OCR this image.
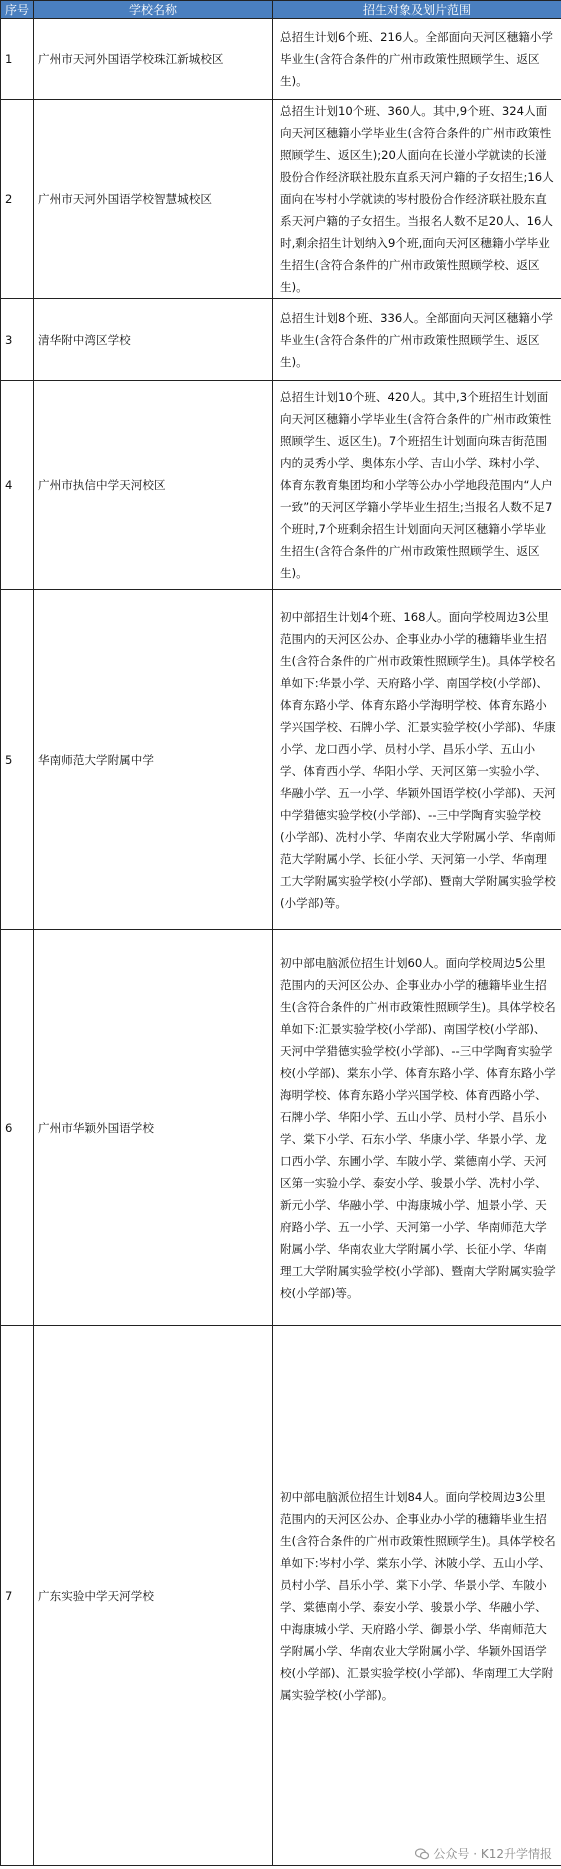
序号	学校名称	招生对象及划片范围
1	广州市天河外国语学校珠江新城校区	总招生计划6个班、216人。全部面向天河区穗籍小学毕业生(含符合条件的广州市政策性照顾学生、返区生)。
2	广州市天河外国语学校智慧城校区	总招生计划10个班、360人。其中,9个班、324人面向天河区穗籍小学毕业生(含符合条件的广州市政策性照顾学生、返区生);20人面向在长湴小学就读的长湴股份合作经济联社股东直系天河户籍的子女招生;16人面向在岑村小学就读的岑村股份合作经济联社股东直系天河户籍的子女招生。当报名人数不足20人、16人时,剩余招生计划纳入9个班,面向天河区穗籍小学毕业生招生(含符合条件的广州市政策性照顾学校、返区生)。
3	清华附中湾区学校	总招生计划8个班、336人。全部面向天河区穗籍小学毕业生(含符合条件的广州市政策性照顾学生、返区生)。
4	广州市执信中学天河校区	总招生计划10个班、420人。其中,3个班招生计划面向天河区穗籍小学毕业生(含符合条件的广州市政策性照顾学生、返区生)。7个班招生计划面向珠吉街范围内的灵秀小学、奥体东小学、吉山小学、珠村小学、体育东教育集团均和小学等公办小学地段范围内“人户一致”的天河区学籍小学毕业生招生;当报名人数不足7个班时,7个班剩余招生计划面向天河区穗籍小学毕业生招生(含符合条件的广州市政策性照顾学生、返区生)。
5	华南师范大学附属中学	初中部招生计划4个班、168人。面向学校周边3公里范围内的天河区公办、企事业办小学的穗籍毕业生招生(含符合条件的广州市政策性照顾学生)。具体学校名单如下:华景小学、天府路小学、南国学校(小学部)、体育东路小学、体育东路小学海明学校、体育东路小学兴国学校、石牌小学、汇景实验学校(小学部)、华康小学、龙口西小学、员村小学、昌乐小学、五山小学、体育西小学、华阳小学、天河区第一实验小学、华融小学、五一小学、华颖外国语学校(小学部)、天河中学猎德实验学校(小学部)、--三中学陶育实验学校(小学部)、冼村小学、华南农业大学附属小学、华南师范大学附属小学、长征小学、天河第一小学、华南理工大学附属实验学校(小学部)、暨南大学附属实验学校(小学部)等。
6	广州市华颖外国语学校	初中部电脑派位招生计划60人。面向学校周边5公里范围内的天河区公办、企事业办小学的穗籍毕业生招生(含符合条件的广州市政策性照顾学生)。具体学校名单如下:汇景实验学校(小学部)、南国学校(小学部)、天河中学猎德实验学校(小学部)、--三中学陶育实验学校(小学部)、棠东小学、体育东路小学、体育东路小学海明学校、体育东路小学兴国学校、体育西路小学、石牌小学、华阳小学、五山小学、员村小学、昌乐小学、棠下小学、石东小学、华康小学、华景小学、龙口西小学、东圃小学、车陂小学、棠德南小学、天河区第一实验小学、泰安小学、骏景小学、冼村小学、新元小学、华融小学、中海康城小学、旭景小学、天府路小学、五一小学、天河第一小学、华南师范大学附属小学、华南农业大学附属小学、长征小学、华南理工大学附属实验学校(小学部)、暨南大学附属实验学校(小学部)等。
7	广东实验中学天河学校	初中部电脑派位招生计划84人。面向学校周边3公里范围内的天河区公办、企事业办小学的穗籍毕业生招生(含符合条件的广州市政策性照顾学生)。具体学校名单如下:岑村小学、棠东小学、沐陂小学、五山小学、员村小学、昌乐小学、棠下小学、华景小学、车陂小学、棠德南小学、泰安小学、骏景小学、华融小学、中海康城小学、天府路小学、御景小学、华南师范大学附属小学、华南农业大学附属小学、华颖外国语学校(小学部)、汇景实验学校(小学部)、华南理工大学附属实验学校(小学部)。
公众号 · K12升学情报
